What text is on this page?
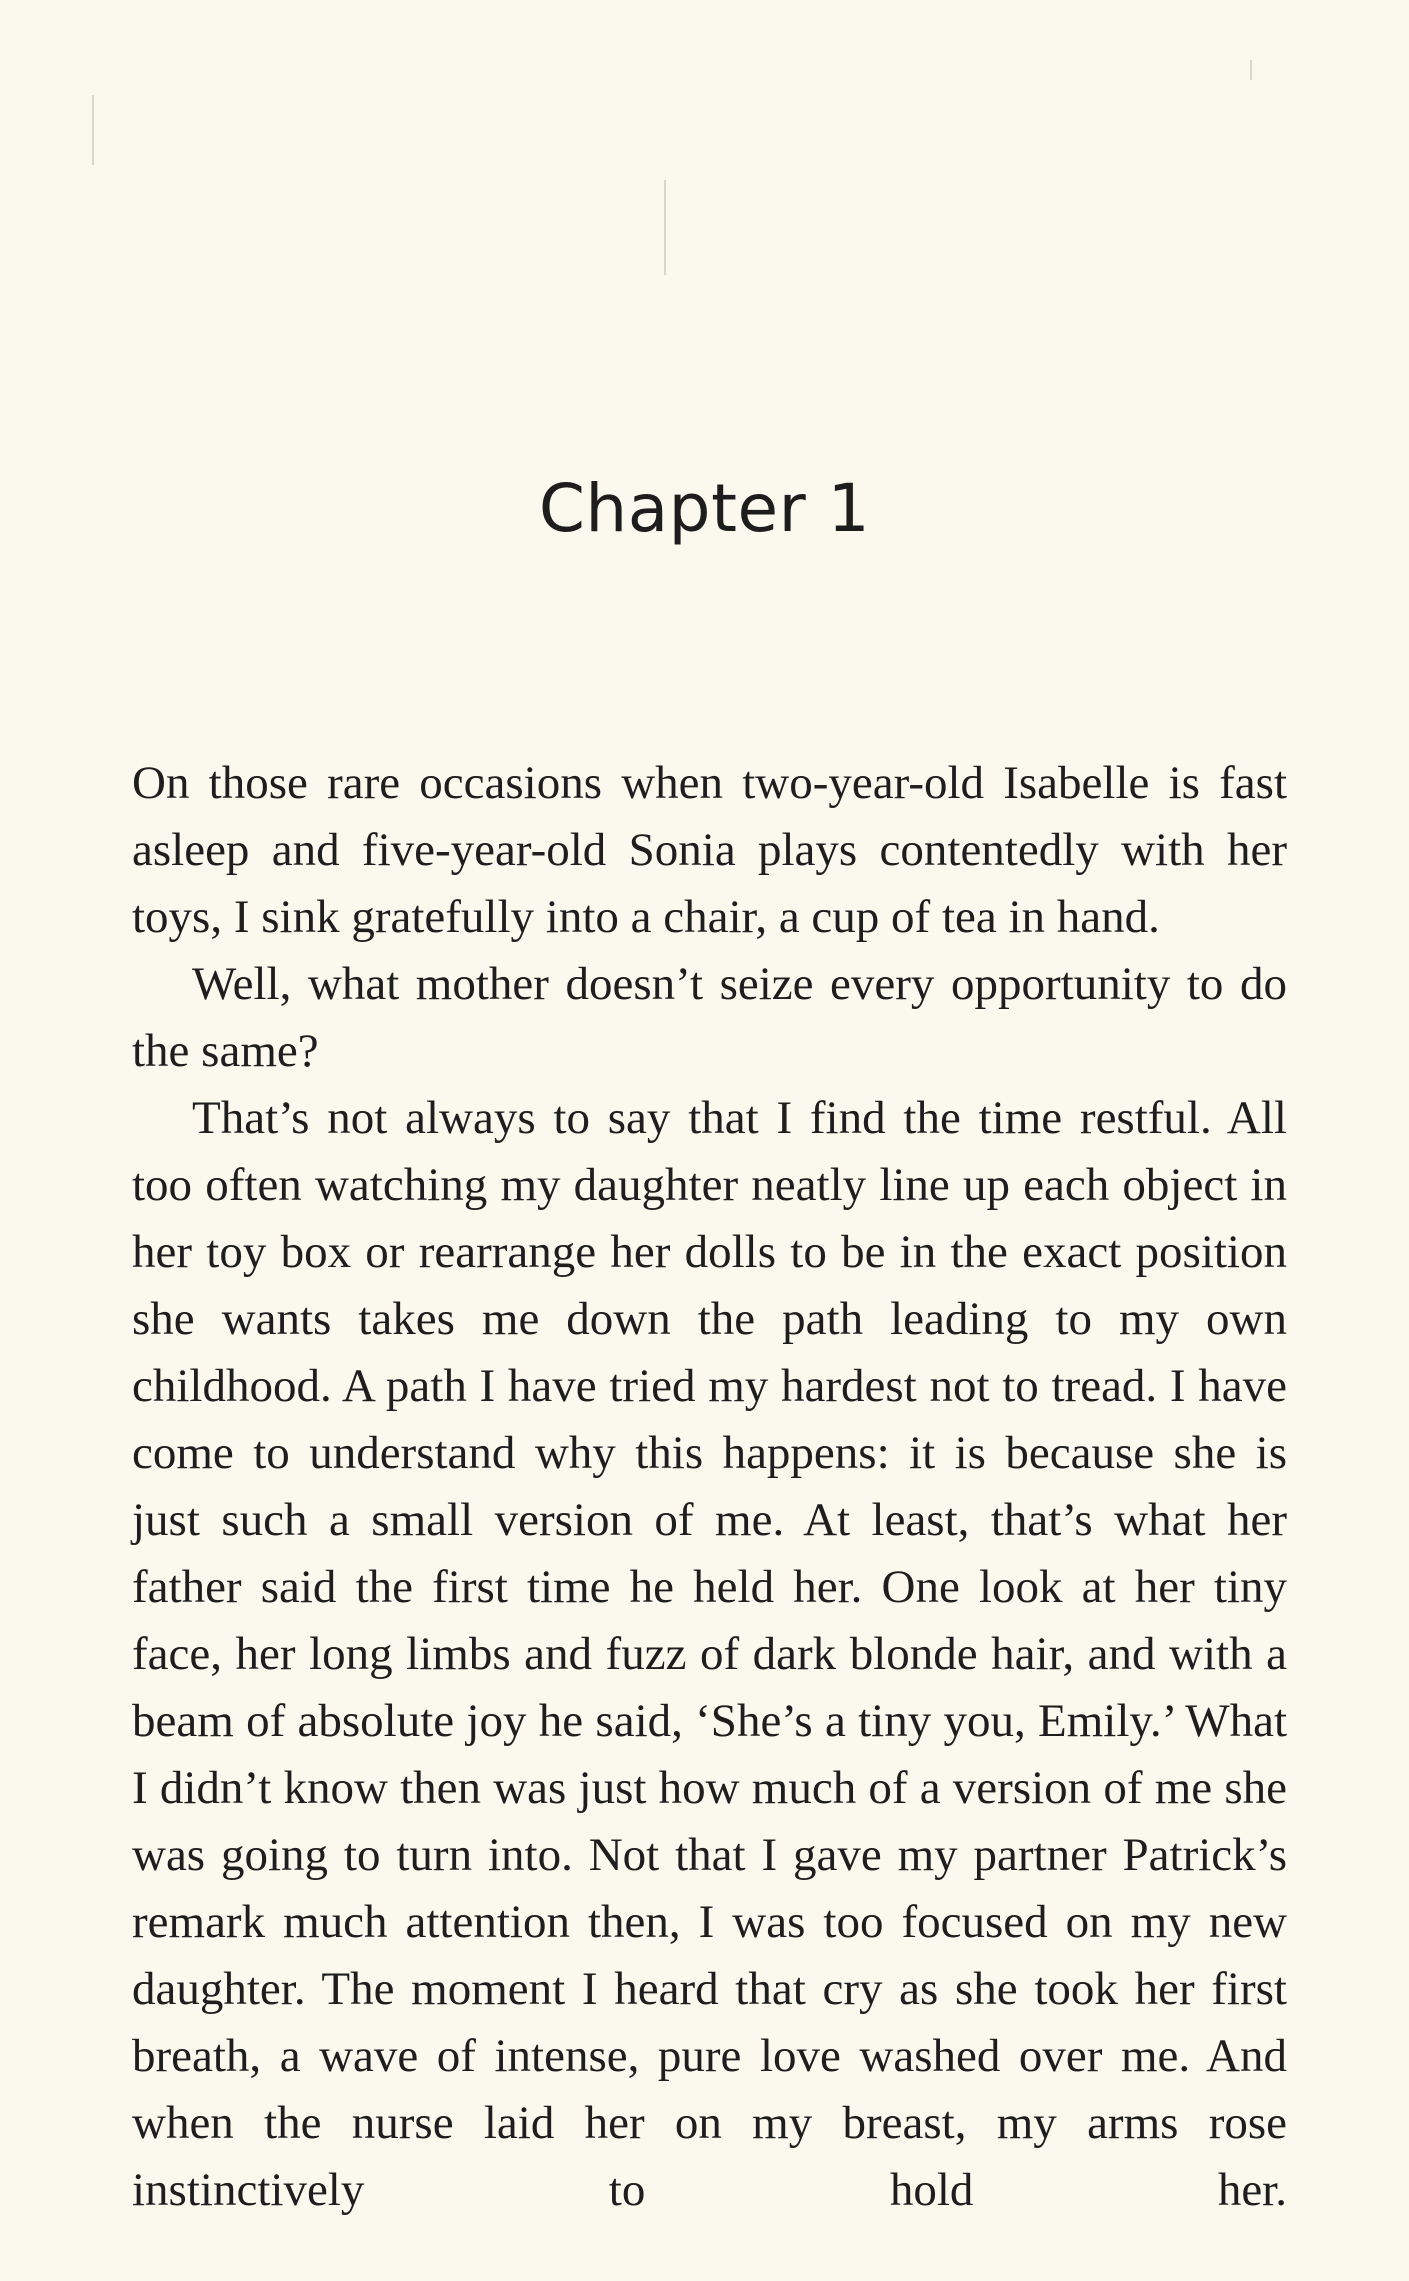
Chapter 1

On those rare occasions when two-year-old Isabelle is fast asleep and five-year-old Sonia plays contentedly with her toys, I sink gratefully into a chair, a cup of tea in hand.

Well, what mother doesn’t seize every opportunity to do the same?

That’s not always to say that I find the time restful. All too often watching my daughter neatly line up each object in her toy box or rearrange her dolls to be in the exact position she wants takes me down the path leading to my own childhood. A path I have tried my hardest not to tread. I have come to understand why this happens: it is because she is just such a small version of me. At least, that’s what her father said the first time he held her. One look at her tiny face, her long limbs and fuzz of dark blonde hair, and with a beam of absolute joy he said, ‘She’s a tiny you, Emily.’ What I didn’t know then was just how much of a version of me she was going to turn into. Not that I gave my partner Patrick’s remark much attention then, I was too focused on my new daughter. The moment I heard that cry as she took her first breath, a wave of intense, pure love washed over me. And when the nurse laid her on my breast, my arms rose instinctively to hold her.
